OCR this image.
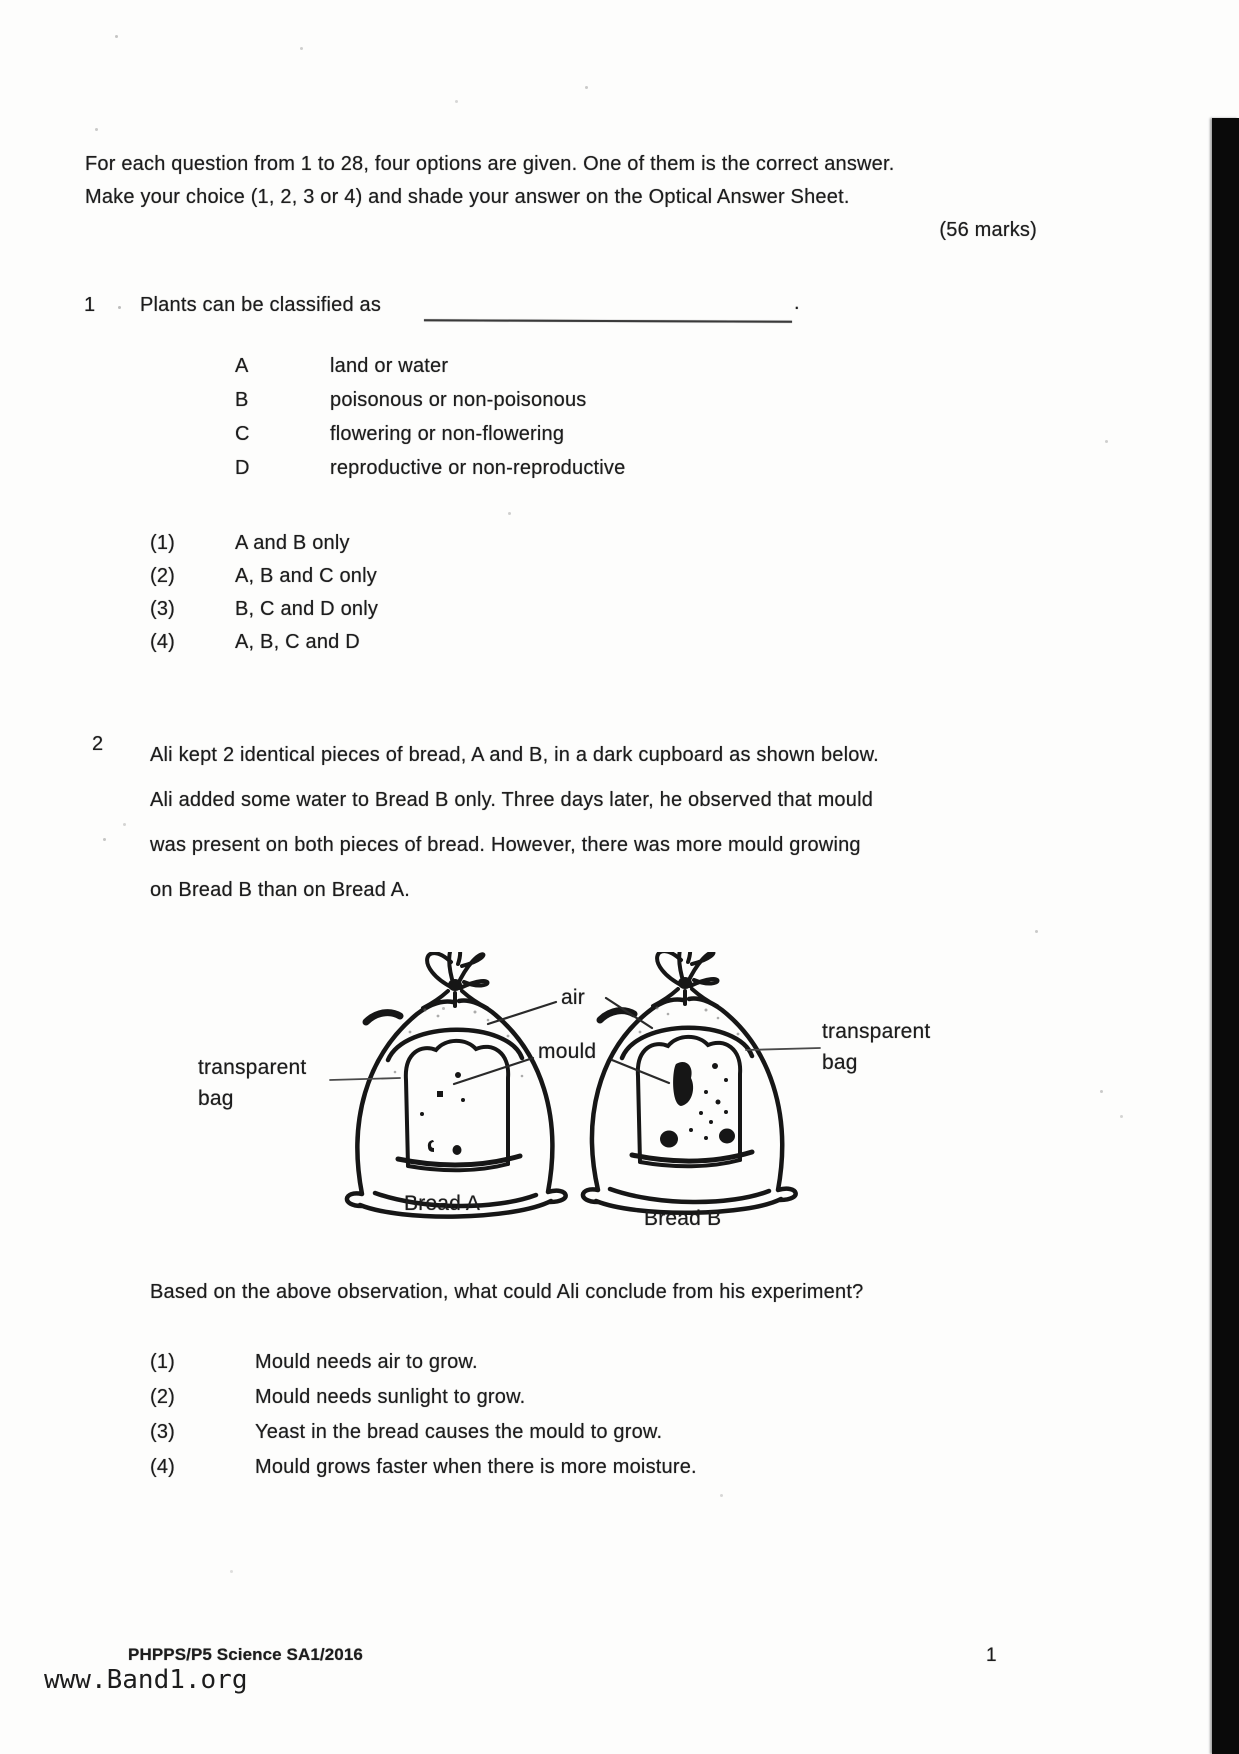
For each question from 1 to 28, four options are given. One of them is the correct answer.
Make your choice (1, 2, 3 or 4) and shade your answer on the Optical Answer Sheet.
(56 marks)
1 Plants can be classified as	.
A	land or water
B	poisonous or non-poisonous
C	flowering or non-flowering
D	reproductive or non-reproductive
(1)	A and B only
(2)	A, B and C only
(3)	B, C and D only
(4)	A, B, C and D
2 Ali kept 2 identical pieces of bread, A and B, in a dark cupboard as shown below.
Ali added some water to Bread B only. Three days later, he observed that mould
was present on both pieces of bread. However, there was more mould growing
on Bread B than on Bread A.
air
mould
transparent bag
transparent bag
Bread A
Bread B
Based on the above observation, what could Ali conclude from his experiment?
(1)	Mould needs air to grow.
(2)	Mould needs sunlight to grow.
(3)	Yeast in the bread causes the mould to grow.
(4)	Mould grows faster when there is more moisture.
PHPPS/P5 Science SA1/2016
www.Band1.org
1
